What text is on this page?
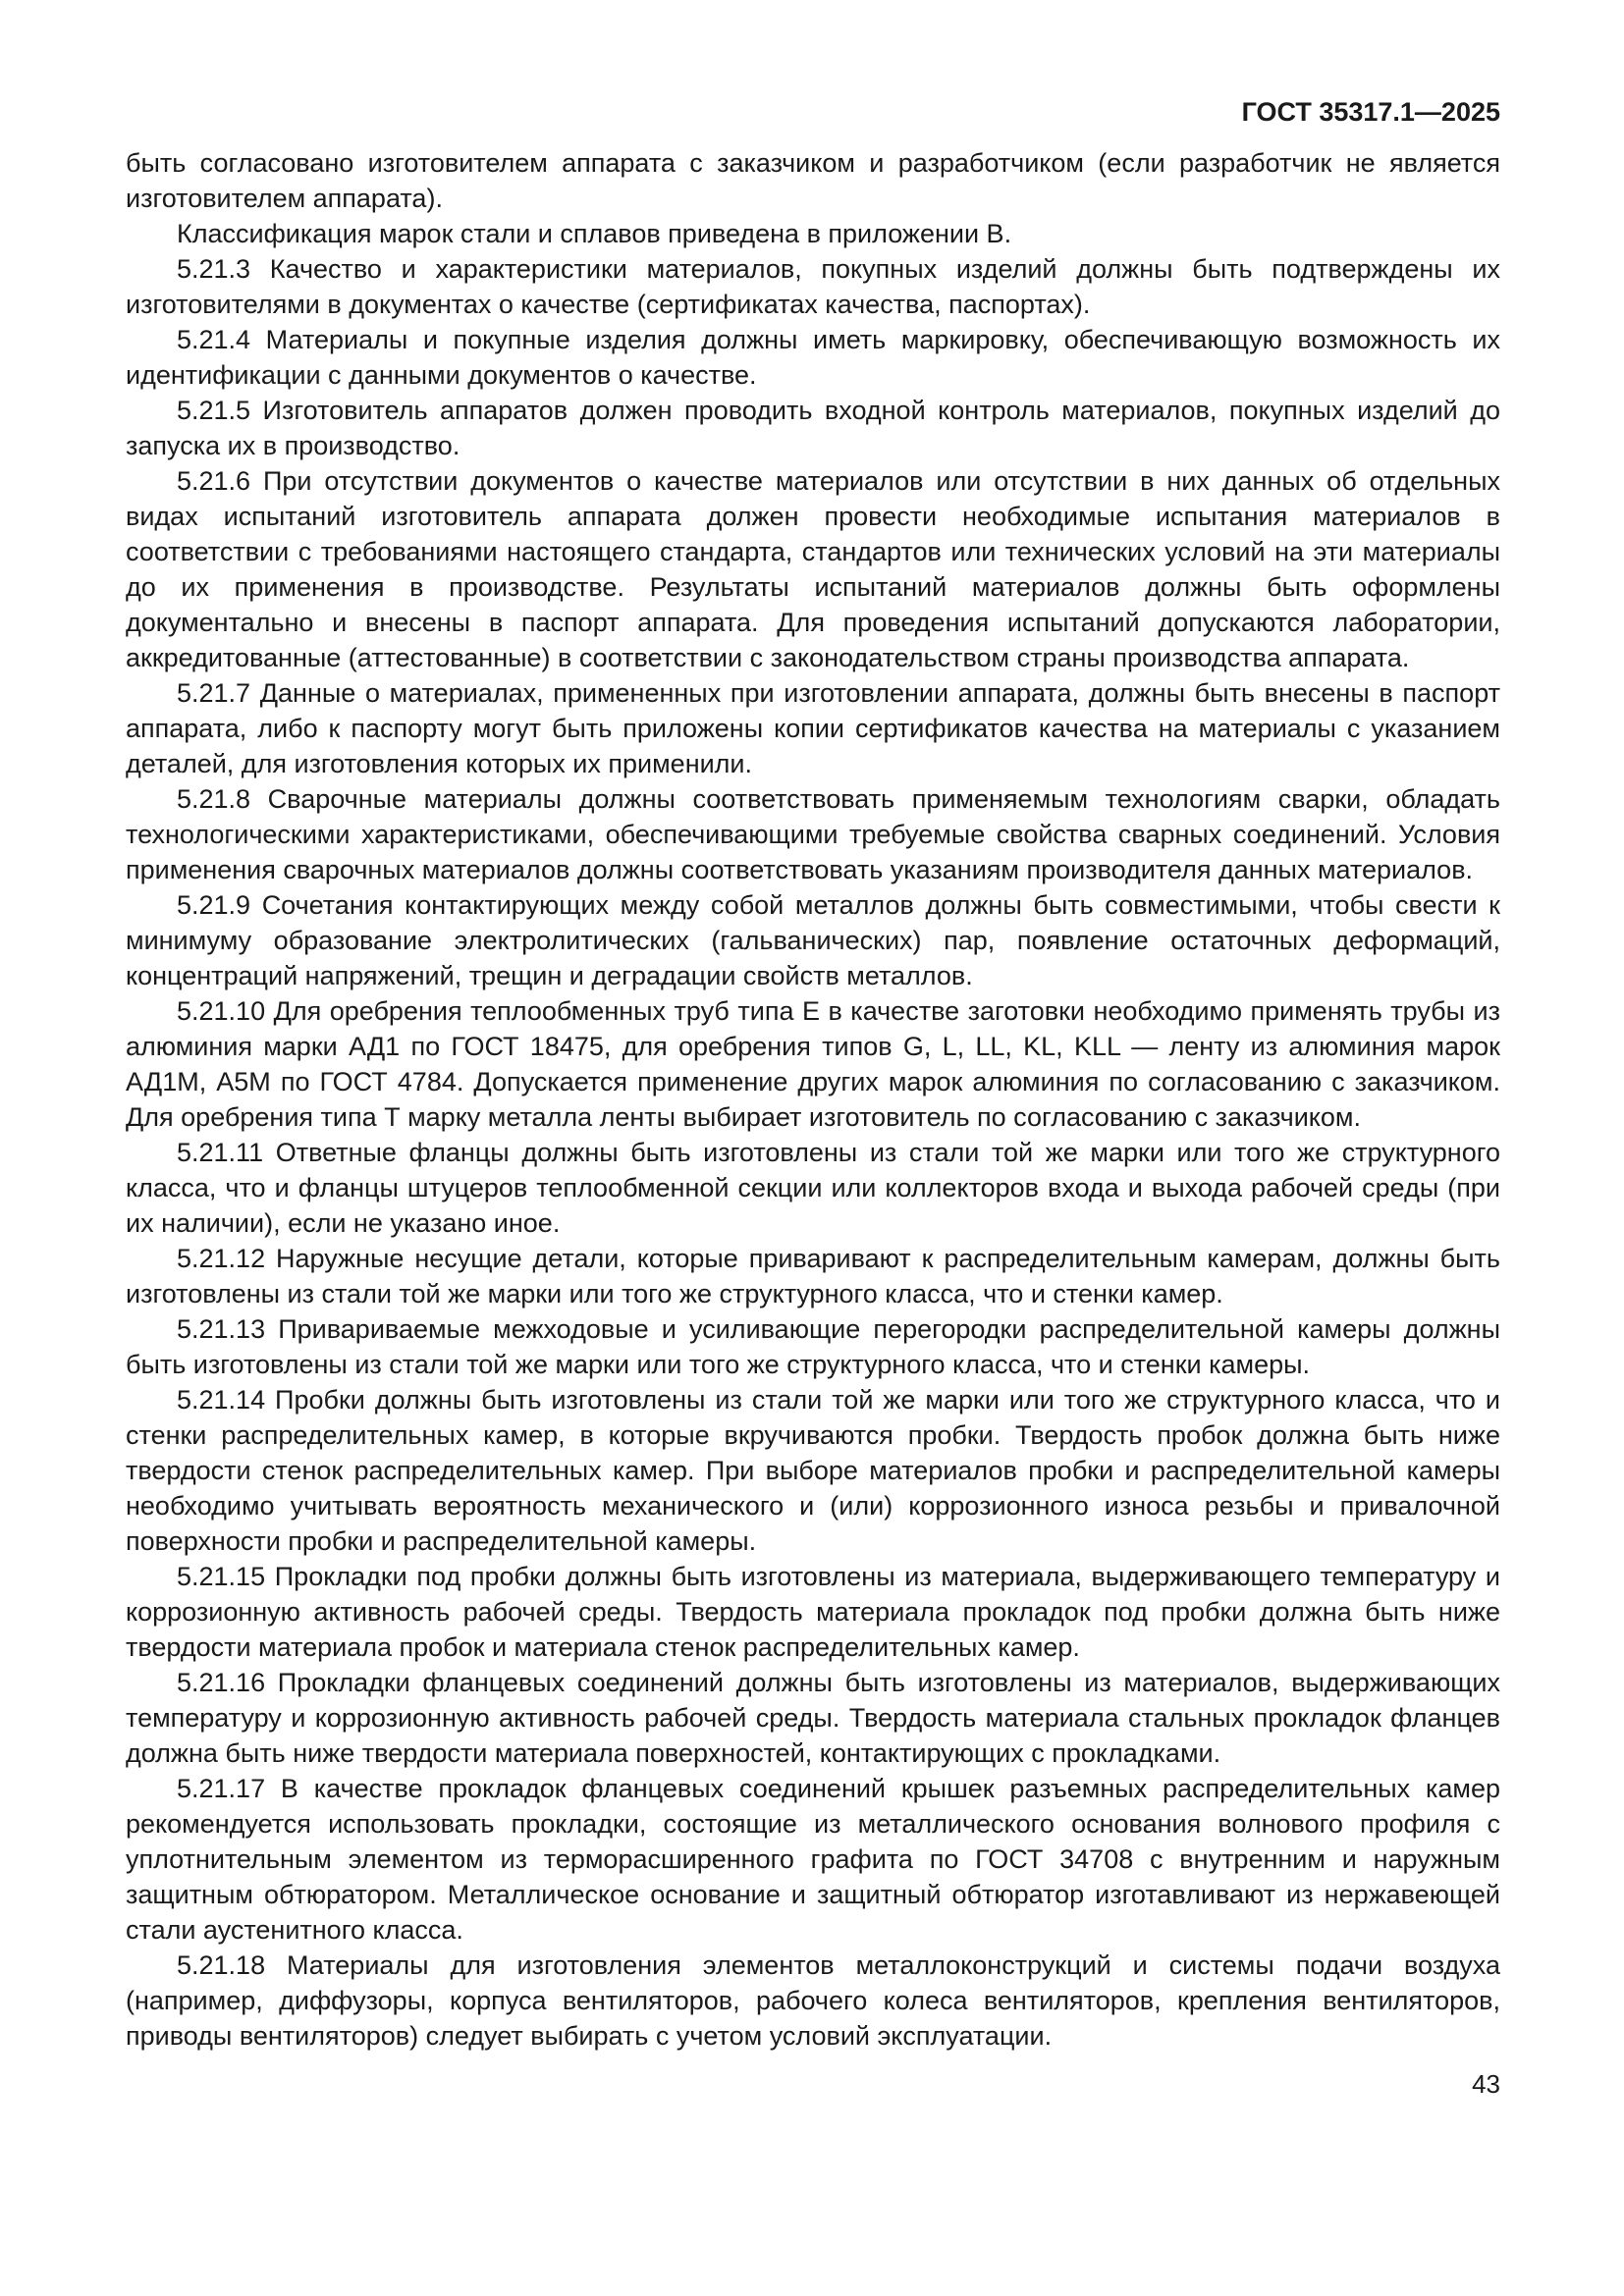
ГОСТ 35317.1—2025

быть согласовано изготовителем аппарата с заказчиком и разработчиком (если разработчик не является изготовителем аппарата).

Классификация марок стали и сплавов приведена в приложении В.

5.21.3 Качество и характеристики материалов, покупных изделий должны быть подтверждены их изготовителями в документах о качестве (сертификатах качества, паспортах).

5.21.4 Материалы и покупные изделия должны иметь маркировку, обеспечивающую возможность их идентификации с данными документов о качестве.

5.21.5 Изготовитель аппаратов должен проводить входной контроль материалов, покупных изделий до запуска их в производство.

5.21.6 При отсутствии документов о качестве материалов или отсутствии в них данных об отдельных видах испытаний изготовитель аппарата должен провести необходимые испытания материалов в соответствии с требованиями настоящего стандарта, стандартов или технических условий на эти материалы до их применения в производстве. Результаты испытаний материалов должны быть оформлены документально и внесены в паспорт аппарата. Для проведения испытаний допускаются лаборатории, аккредитованные (аттестованные) в соответствии с законодательством страны производства аппарата.

5.21.7 Данные о материалах, примененных при изготовлении аппарата, должны быть внесены в паспорт аппарата, либо к паспорту могут быть приложены копии сертификатов качества на материалы с указанием деталей, для изготовления которых их применили.

5.21.8 Сварочные материалы должны соответствовать применяемым технологиям сварки, обладать технологическими характеристиками, обеспечивающими требуемые свойства сварных соединений. Условия применения сварочных материалов должны соответствовать указаниям производителя данных материалов.

5.21.9 Сочетания контактирующих между собой металлов должны быть совместимыми, чтобы свести к минимуму образование электролитических (гальванических) пар, появление остаточных деформаций, концентраций напряжений, трещин и деградации свойств металлов.

5.21.10 Для оребрения теплообменных труб типа Е в качестве заготовки необходимо применять трубы из алюминия марки АД1 по ГОСТ 18475, для оребрения типов G, L, LL, KL, KLL — ленту из алюминия марок АД1М, А5М по ГОСТ 4784. Допускается применение других марок алюминия по согласованию с заказчиком. Для оребрения типа Т марку металла ленты выбирает изготовитель по согласованию с заказчиком.

5.21.11 Ответные фланцы должны быть изготовлены из стали той же марки или того же структурного класса, что и фланцы штуцеров теплообменной секции или коллекторов входа и выхода рабочей среды (при их наличии), если не указано иное.

5.21.12 Наружные несущие детали, которые приваривают к распределительным камерам, должны быть изготовлены из стали той же марки или того же структурного класса, что и стенки камер.

5.21.13 Привариваемые межходовые и усиливающие перегородки распределительной камеры должны быть изготовлены из стали той же марки или того же структурного класса, что и стенки камеры.

5.21.14 Пробки должны быть изготовлены из стали той же марки или того же структурного класса, что и стенки распределительных камер, в которые вкручиваются пробки. Твердость пробок должна быть ниже твердости стенок распределительных камер. При выборе материалов пробки и распределительной камеры необходимо учитывать вероятность механического и (или) коррозионного износа резьбы и привалочной поверхности пробки и распределительной камеры.

5.21.15 Прокладки под пробки должны быть изготовлены из материала, выдерживающего температуру и коррозионную активность рабочей среды. Твердость материала прокладок под пробки должна быть ниже твердости материала пробок и материала стенок распределительных камер.

5.21.16 Прокладки фланцевых соединений должны быть изготовлены из материалов, выдерживающих температуру и коррозионную активность рабочей среды. Твердость материала стальных прокладок фланцев должна быть ниже твердости материала поверхностей, контактирующих с прокладками.

5.21.17 В качестве прокладок фланцевых соединений крышек разъемных распределительных камер рекомендуется использовать прокладки, состоящие из металлического основания волнового профиля с уплотнительным элементом из терморасширенного графита по ГОСТ 34708 с внутренним и наружным защитным обтюратором. Металлическое основание и защитный обтюратор изготавливают из нержавеющей стали аустенитного класса.

5.21.18 Материалы для изготовления элементов металлоконструкций и системы подачи воздуха (например, диффузоры, корпуса вентиляторов, рабочего колеса вентиляторов, крепления вентиляторов, приводы вентиляторов) следует выбирать с учетом условий эксплуатации.

43
